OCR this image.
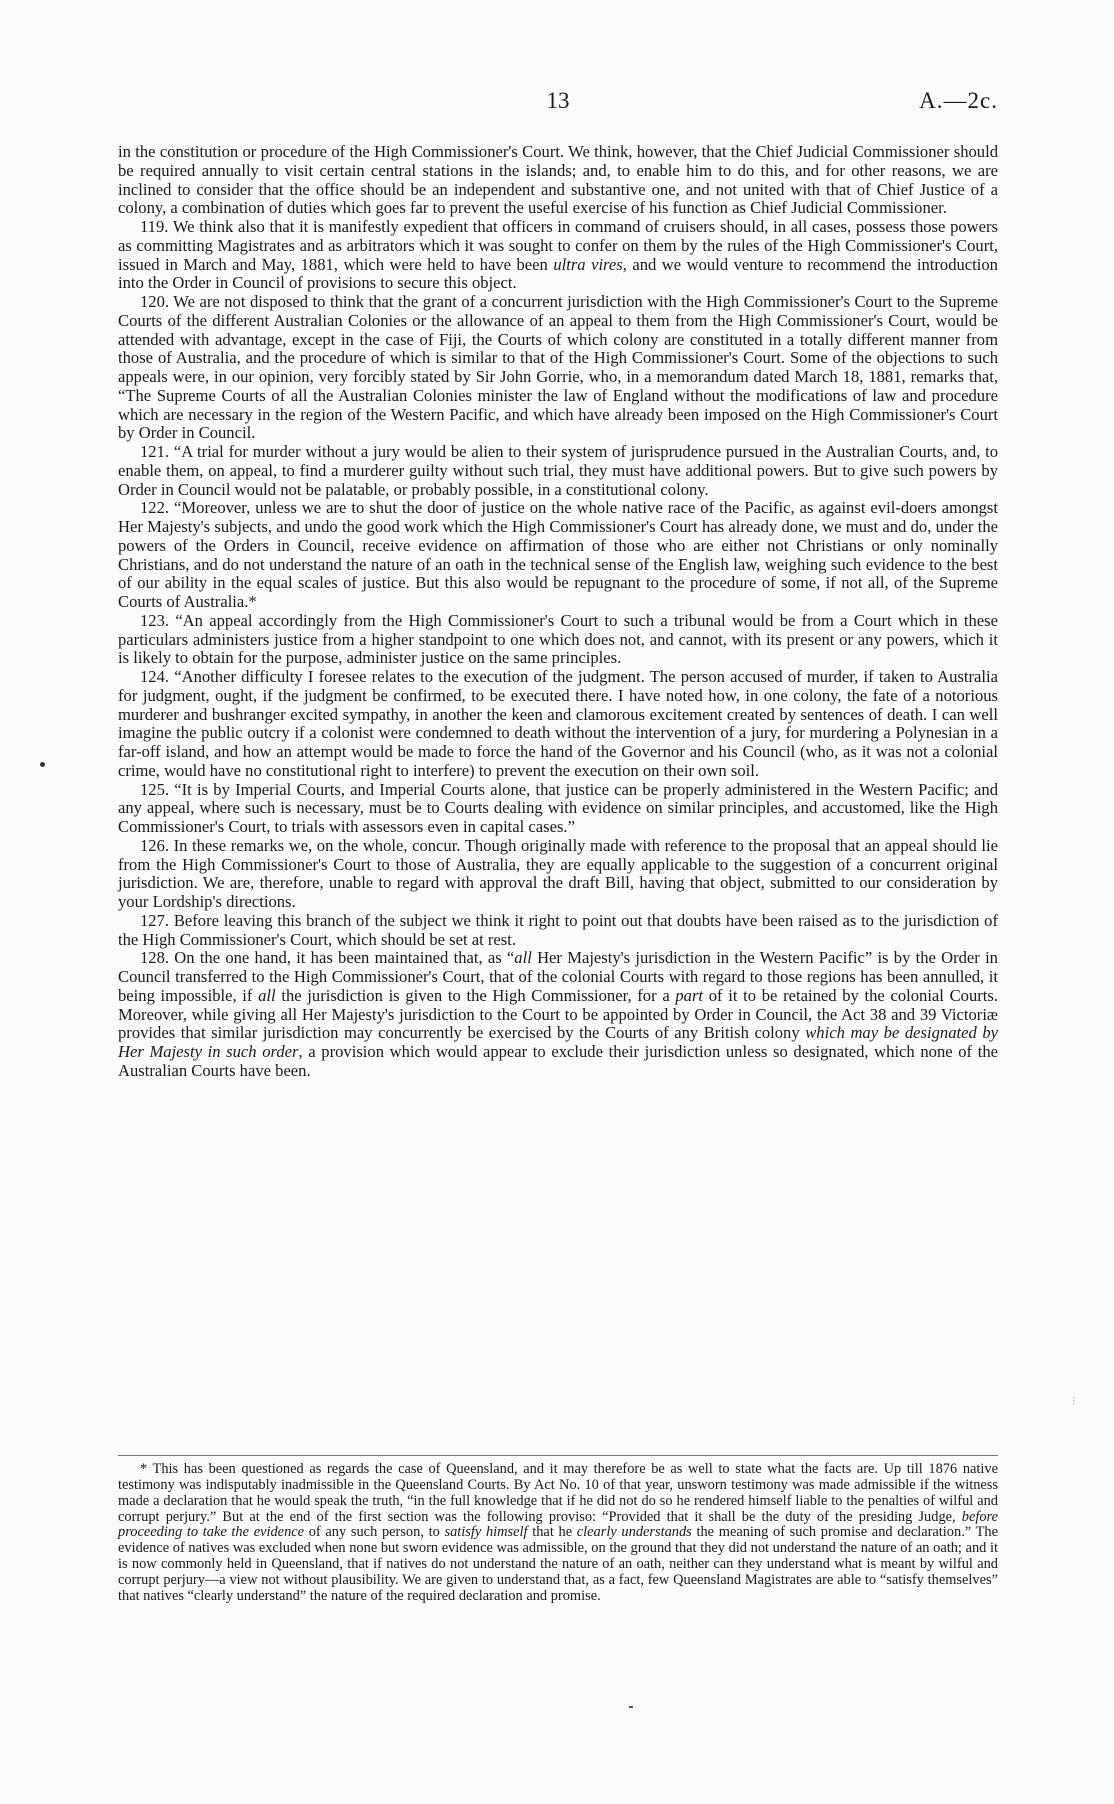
13	A.—2c.

in the constitution or procedure of the High Commissioner's Court. We think, however, that the Chief Judicial Commissioner should be required annually to visit certain central stations in the islands; and, to enable him to do this, and for other reasons, we are inclined to consider that the office should be an independent and substantive one, and not united with that of Chief Justice of a colony, a combination of duties which goes far to prevent the useful exercise of his function as Chief Judicial Commissioner.

119. We think also that it is manifestly expedient that officers in command of cruisers should, in all cases, possess those powers as committing Magistrates and as arbitrators which it was sought to confer on them by the rules of the High Commissioner's Court, issued in March and May, 1881, which were held to have been ultra vires, and we would venture to recommend the introduction into the Order in Council of provisions to secure this object.

120. We are not disposed to think that the grant of a concurrent jurisdiction with the High Commissioner's Court to the Supreme Courts of the different Australian Colonies or the allowance of an appeal to them from the High Commissioner's Court, would be attended with advantage, except in the case of Fiji, the Courts of which colony are constituted in a totally different manner from those of Australia, and the procedure of which is similar to that of the High Commissioner's Court. Some of the objections to such appeals were, in our opinion, very forcibly stated by Sir John Gorrie, who, in a memorandum dated March 18, 1881, remarks that, “The Supreme Courts of all the Australian Colonies minister the law of England without the modifications of law and procedure which are necessary in the region of the Western Pacific, and which have already been imposed on the High Commissioner's Court by Order in Council.

121. “A trial for murder without a jury would be alien to their system of jurisprudence pursued in the Australian Courts, and, to enable them, on appeal, to find a murderer guilty without such trial, they must have additional powers. But to give such powers by Order in Council would not be palatable, or probably possible, in a constitutional colony.

122. “Moreover, unless we are to shut the door of justice on the whole native race of the Pacific, as against evil-doers amongst Her Majesty's subjects, and undo the good work which the High Commissioner's Court has already done, we must and do, under the powers of the Orders in Council, receive evidence on affirmation of those who are either not Christians or only nominally Christians, and do not understand the nature of an oath in the technical sense of the English law, weighing such evidence to the best of our ability in the equal scales of justice. But this also would be repugnant to the procedure of some, if not all, of the Supreme Courts of Australia.*

123. “An appeal accordingly from the High Commissioner's Court to such a tribunal would be from a Court which in these particulars administers justice from a higher standpoint to one which does not, and cannot, with its present or any powers, which it is likely to obtain for the purpose, administer justice on the same principles.

124. “Another difficulty I foresee relates to the execution of the judgment. The person accused of murder, if taken to Australia for judgment, ought, if the judgment be confirmed, to be executed there. I have noted how, in one colony, the fate of a notorious murderer and bushranger excited sympathy, in another the keen and clamorous excitement created by sentences of death. I can well imagine the public outcry if a colonist were condemned to death without the intervention of a jury, for murdering a Polynesian in a far-off island, and how an attempt would be made to force the hand of the Governor and his Council (who, as it was not a colonial crime, would have no constitutional right to interfere) to prevent the execution on their own soil.

125. “It is by Imperial Courts, and Imperial Courts alone, that justice can be properly administered in the Western Pacific; and any appeal, where such is necessary, must be to Courts dealing with evidence on similar principles, and accustomed, like the High Commissioner's Court, to trials with assessors even in capital cases.”

126. In these remarks we, on the whole, concur. Though originally made with reference to the proposal that an appeal should lie from the High Commissioner's Court to those of Australia, they are equally applicable to the suggestion of a concurrent original jurisdiction. We are, therefore, unable to regard with approval the draft Bill, having that object, submitted to our consideration by your Lordship's directions.

127. Before leaving this branch of the subject we think it right to point out that doubts have been raised as to the jurisdiction of the High Commissioner's Court, which should be set at rest.

128. On the one hand, it has been maintained that, as “all Her Majesty's jurisdiction in the Western Pacific” is by the Order in Council transferred to the High Commissioner's Court, that of the colonial Courts with regard to those regions has been annulled, it being impossible, if all the jurisdiction is given to the High Commissioner, for a part of it to be retained by the colonial Courts. Moreover, while giving all Her Majesty's jurisdiction to the Court to be appointed by Order in Council, the Act 38 and 39 Victoriæ provides that similar jurisdiction may concurrently be exercised by the Courts of any British colony which may be designated by Her Majesty in such order, a provision which would appear to exclude their jurisdiction unless so designated, which none of the Australian Courts have been.

* This has been questioned as regards the case of Queensland, and it may therefore be as well to state what the facts are. Up till 1876 native testimony was indisputably inadmissible in the Queensland Courts. By Act No. 10 of that year, unsworn testimony was made admissible if the witness made a declaration that he would speak the truth, “in the full knowledge that if he did not do so he rendered himself liable to the penalties of wilful and corrupt perjury.” But at the end of the first section was the following proviso: “Provided that it shall be the duty of the presiding Judge, before proceeding to take the evidence of any such person, to satisfy himself that he clearly understands the meaning of such promise and declaration.” The evidence of natives was excluded when none but sworn evidence was admissible, on the ground that they did not understand the nature of an oath; and it is now commonly held in Queensland, that if natives do not understand the nature of an oath, neither can they understand what is meant by wilful and corrupt perjury—a view not without plausibility. We are given to understand that, as a fact, few Queensland Magistrates are able to “satisfy themselves” that natives “clearly understand” the nature of the required declaration and promise.

⁝
